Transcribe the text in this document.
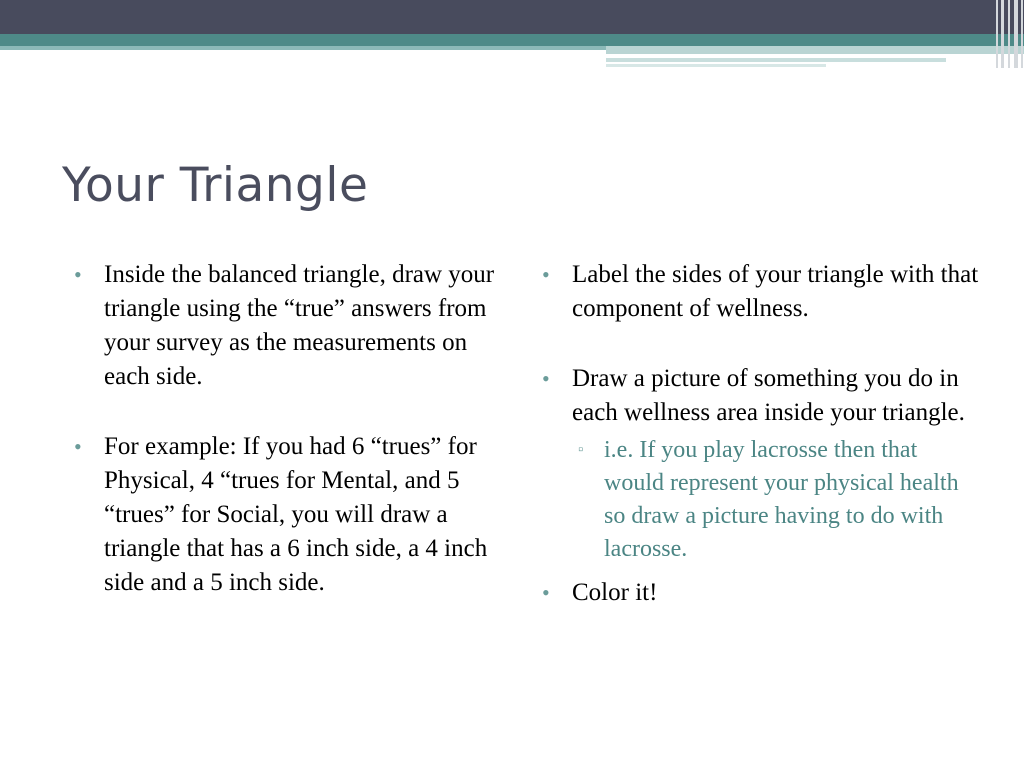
Your Triangle
• Inside the balanced triangle, draw your triangle using the “true” answers from your survey as the measurements on each side.
• For example: If you had 6 “trues” for Physical, 4 “trues for Mental, and 5 “trues” for Social, you will draw a triangle that has a 6 inch side, a 4 inch side and a 5 inch side.
• Label the sides of your triangle with that component of wellness.
• Draw a picture of something you do in each wellness area inside your triangle.
▫ i.e. If you play lacrosse then that would represent your physical health so draw a picture having to do with lacrosse.
• Color it!
